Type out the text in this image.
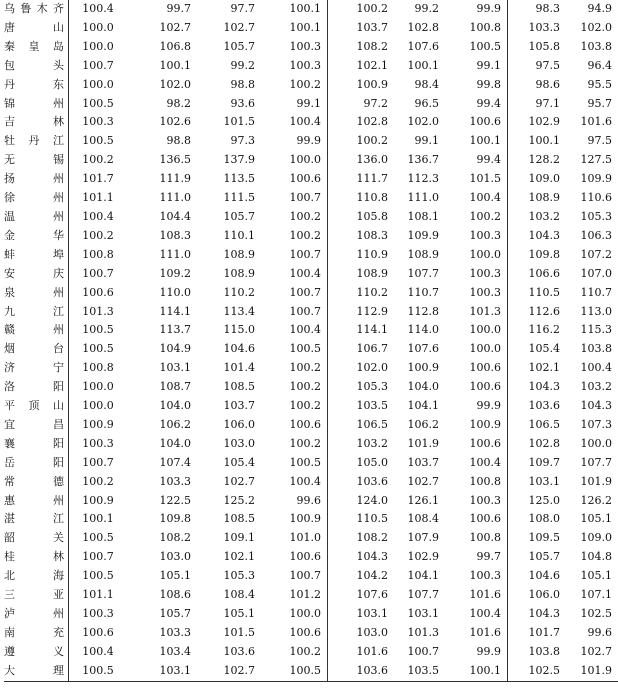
乌鲁木齐	100.4	99.7	97.7	100.1	100.2	99.2	99.9	98.3	94.9
唐山	100.0	102.7	102.7	100.1	103.7	102.8	100.8	103.3	102.0
秦皇岛	100.0	106.8	105.7	100.3	108.2	107.6	100.5	105.8	103.8
包头	100.7	100.1	99.2	100.3	102.1	100.1	99.1	97.5	96.4
丹东	100.0	102.0	98.8	100.2	100.9	98.4	99.8	98.6	95.5
锦州	100.5	98.2	93.6	99.1	97.2	96.5	99.4	97.1	95.7
吉林	100.3	102.6	101.5	100.4	102.8	102.0	100.6	102.9	101.6
牡丹江	100.5	98.8	97.3	99.9	100.2	99.1	100.1	100.1	97.5
无锡	100.2	136.5	137.9	100.0	136.0	136.7	99.4	128.2	127.5
扬州	101.7	111.9	113.5	100.6	111.7	112.3	101.5	109.0	109.9
徐州	101.1	111.0	111.5	100.7	110.8	111.0	100.4	108.9	110.6
温州	100.4	104.4	105.7	100.2	105.8	108.1	100.2	103.2	105.3
金华	100.2	108.3	110.1	100.2	108.3	109.9	100.3	104.3	106.3
蚌埠	100.8	111.0	108.9	100.7	110.9	108.9	100.0	109.8	107.2
安庆	100.7	109.2	108.9	100.4	108.9	107.7	100.3	106.6	107.0
泉州	100.6	110.0	110.2	100.7	110.2	110.7	100.3	110.5	110.7
九江	101.3	114.1	113.4	100.7	112.9	112.8	101.3	112.6	113.0
赣州	100.5	113.7	115.0	100.4	114.1	114.0	100.0	116.2	115.3
烟台	100.5	104.9	104.6	100.5	106.7	107.6	100.0	105.4	103.8
济宁	100.8	103.1	101.4	100.2	102.0	100.9	100.6	102.1	100.4
洛阳	100.0	108.7	108.5	100.2	105.3	104.0	100.6	104.3	103.2
平顶山	100.0	104.0	103.7	100.2	103.5	104.1	99.9	103.6	104.3
宜昌	100.9	106.2	106.0	100.6	106.5	106.2	100.9	106.5	107.3
襄阳	100.3	104.0	103.0	100.2	103.2	101.9	100.6	102.8	100.0
岳阳	100.7	107.4	105.4	100.5	105.0	103.7	100.4	109.7	107.7
常德	100.2	103.3	102.7	100.4	103.6	102.7	100.8	103.1	101.9
惠州	100.9	122.5	125.2	99.6	124.0	126.1	100.3	125.0	126.2
湛江	100.1	109.8	108.5	100.9	110.5	108.4	100.6	108.0	105.1
韶关	100.5	108.2	109.1	101.0	108.2	107.9	100.8	109.5	109.0
桂林	100.7	103.0	102.1	100.6	104.3	102.9	99.7	105.7	104.8
北海	100.5	105.1	105.3	100.7	104.2	104.1	100.3	104.6	105.1
三亚	101.1	108.6	108.4	101.2	107.6	107.7	101.6	106.0	107.1
泸州	100.3	105.7	105.1	100.0	103.1	103.1	100.4	104.3	102.5
南充	100.6	103.3	101.5	100.6	103.0	101.3	101.6	101.7	99.6
遵义	100.4	103.4	103.6	100.2	101.6	100.7	99.9	103.8	102.7
大理	100.5	103.1	102.7	100.5	103.6	103.5	100.1	102.5	101.9
